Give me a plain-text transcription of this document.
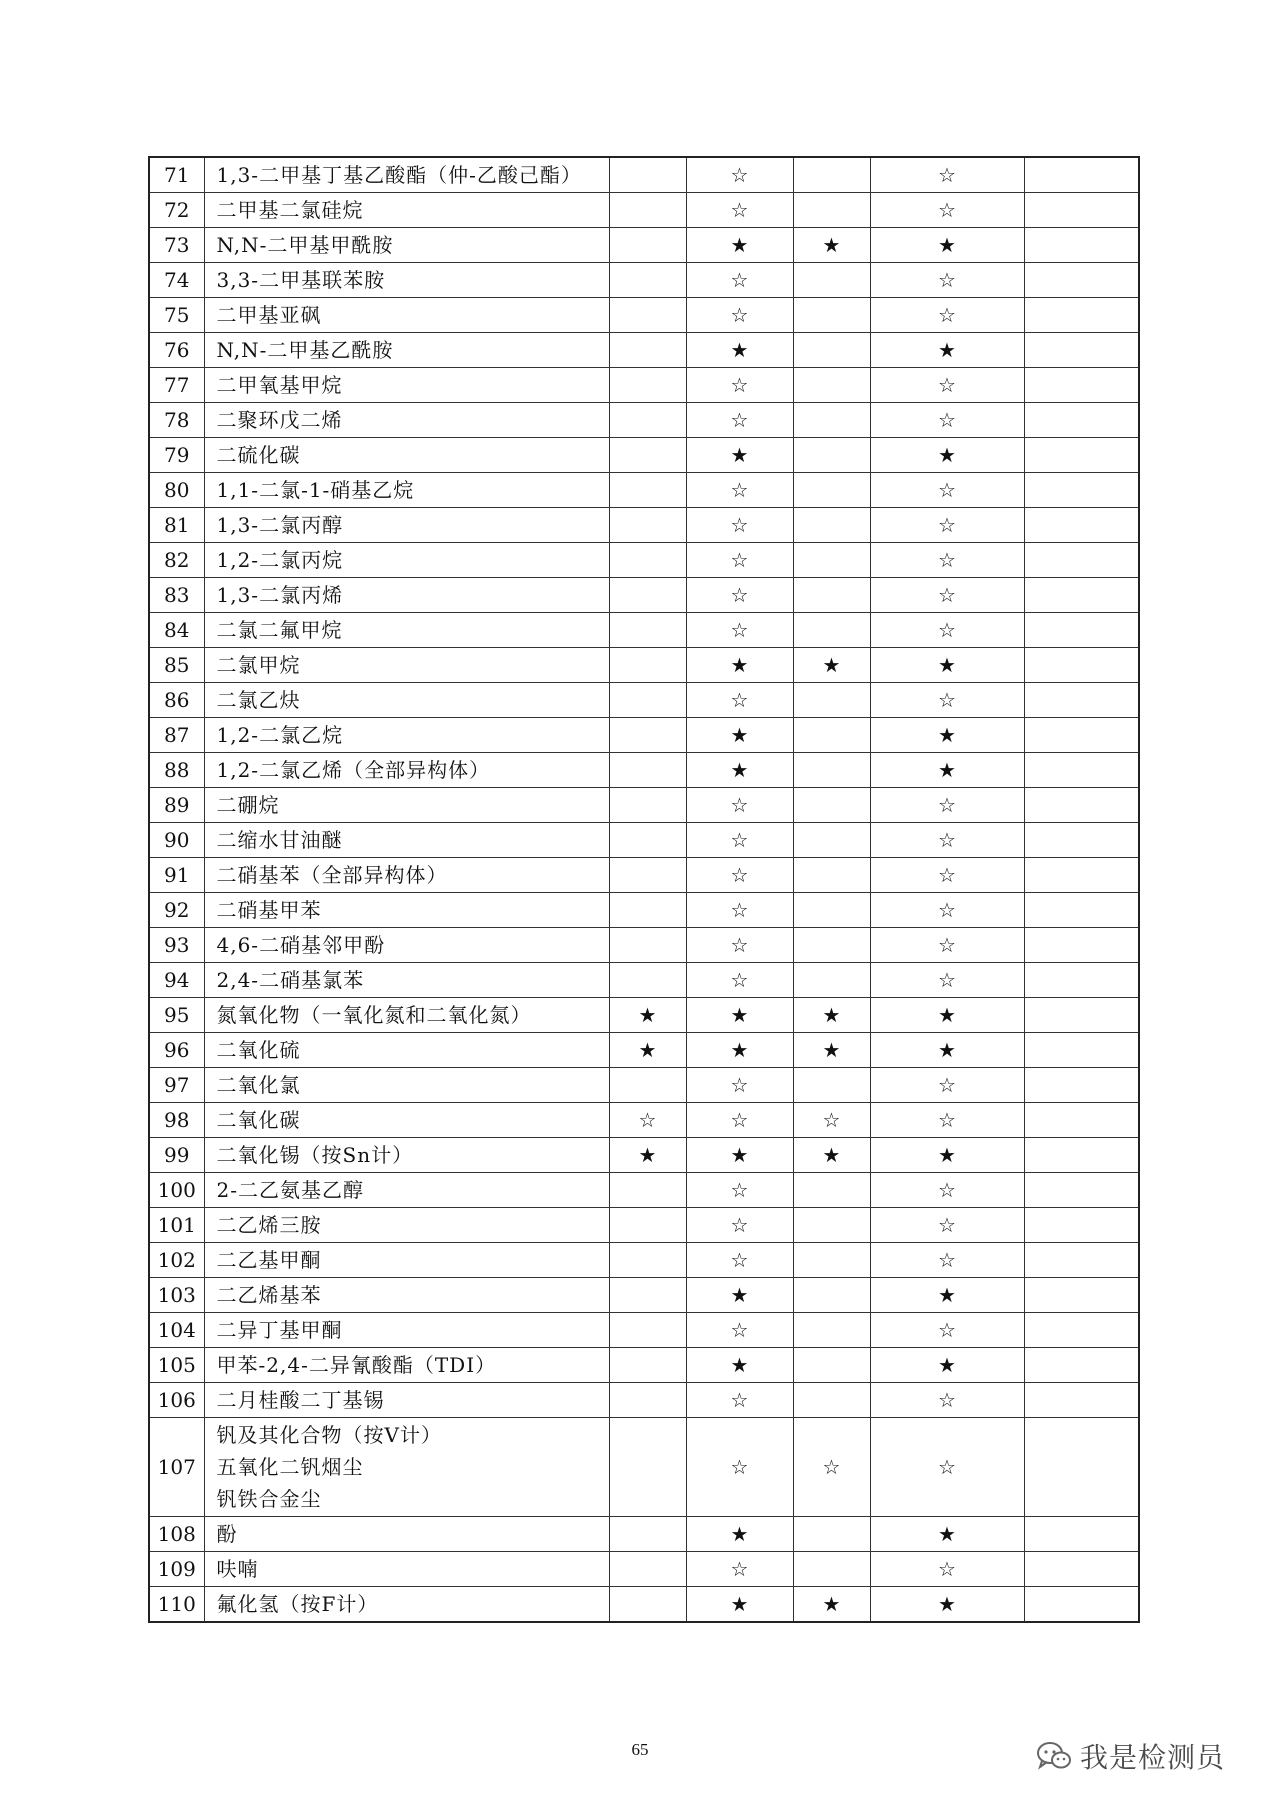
71	1,3-二甲基丁基乙酸酯（仲-乙酸己酯）		☆		☆	
72	二甲基二氯硅烷		☆		☆	
73	N,N-二甲基甲酰胺		★	★	★	
74	3,3-二甲基联苯胺		☆		☆	
75	二甲基亚砜		☆		☆	
76	N,N-二甲基乙酰胺		★		★	
77	二甲氧基甲烷		☆		☆	
78	二聚环戊二烯		☆		☆	
79	二硫化碳		★		★	
80	1,1-二氯-1-硝基乙烷		☆		☆	
81	1,3-二氯丙醇		☆		☆	
82	1,2-二氯丙烷		☆		☆	
83	1,3-二氯丙烯		☆		☆	
84	二氯二氟甲烷		☆		☆	
85	二氯甲烷		★	★	★	
86	二氯乙炔		☆		☆	
87	1,2-二氯乙烷		★		★	
88	1,2-二氯乙烯（全部异构体）		★		★	
89	二硼烷		☆		☆	
90	二缩水甘油醚		☆		☆	
91	二硝基苯（全部异构体）		☆		☆	
92	二硝基甲苯		☆		☆	
93	4,6-二硝基邻甲酚		☆		☆	
94	2,4-二硝基氯苯		☆		☆	
95	氮氧化物（一氧化氮和二氧化氮）	★	★	★	★	
96	二氧化硫	★	★	★	★	
97	二氧化氯		☆		☆	
98	二氧化碳	☆	☆	☆	☆	
99	二氧化锡（按Sn计）	★	★	★	★	
100	2-二乙氨基乙醇		☆		☆	
101	二乙烯三胺		☆		☆	
102	二乙基甲酮		☆		☆	
103	二乙烯基苯		★		★	
104	二异丁基甲酮		☆		☆	
105	甲苯-2,4-二异氰酸酯（TDI）		★		★	
106	二月桂酸二丁基锡		☆		☆	
107	钒及其化合物（按V计）
五氧化二钒烟尘
钒铁合金尘		☆	☆	☆	
108	酚		★		★	
109	呋喃		☆		☆	
110	氟化氢（按F计）		★	★	★	
65	我是检测员
